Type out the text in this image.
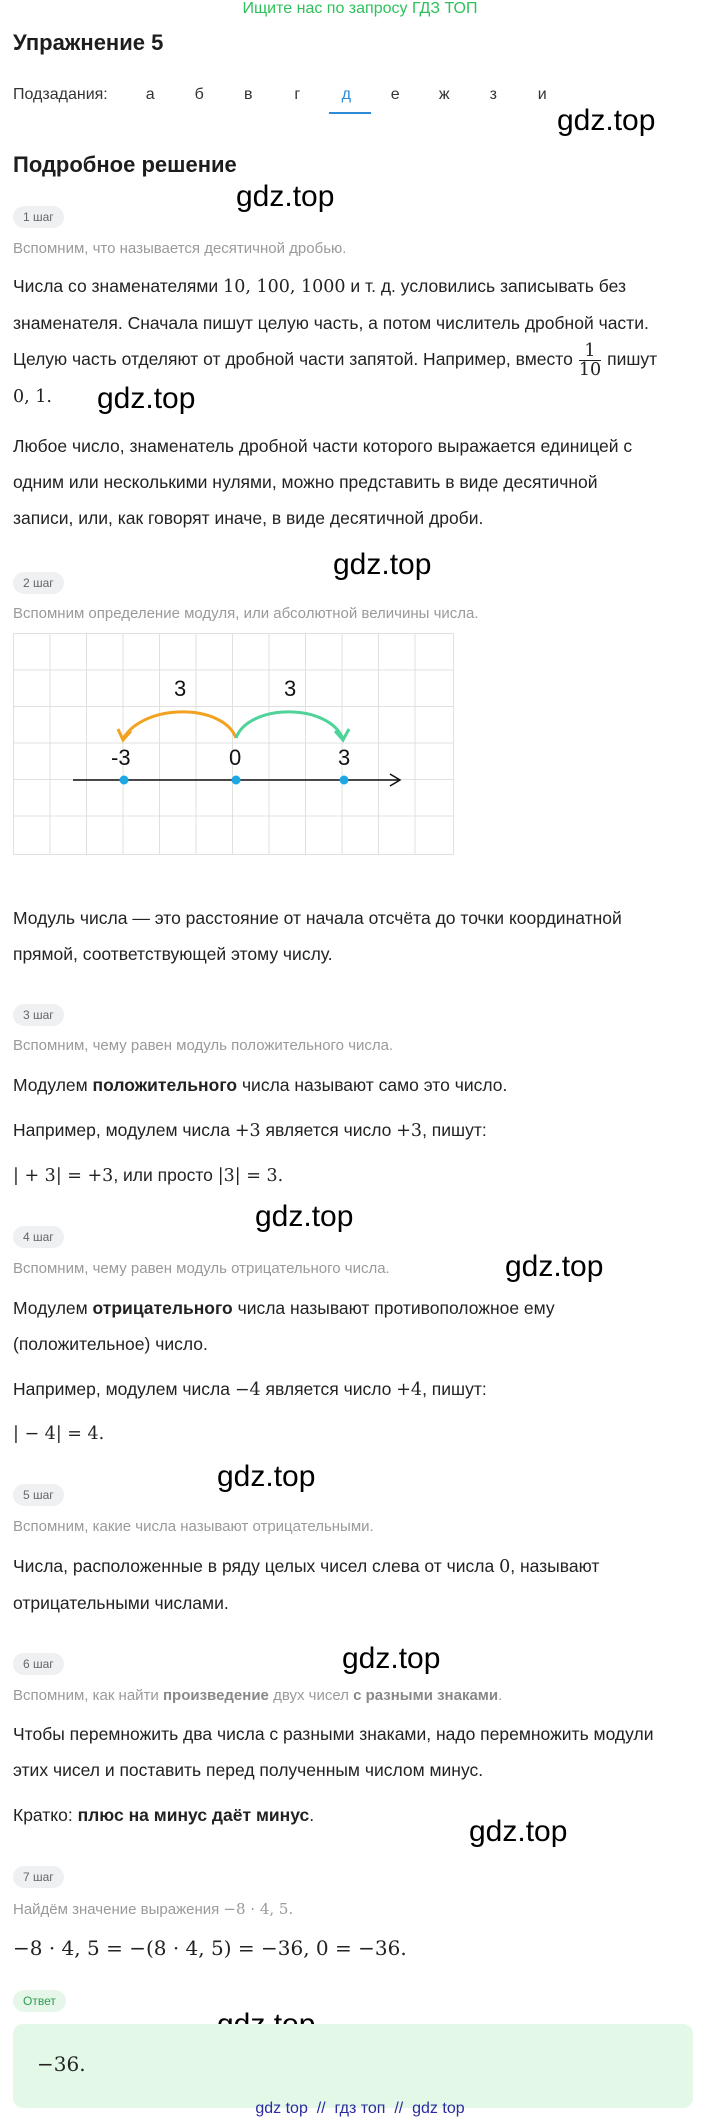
Ищите нас по запросу ГДЗ ТОП
Упражнение 5
Подзадания:	а	б	в	г	д	е	ж	з	и
gdz.top
gdz.top
gdz.top
gdz.top
gdz.top
gdz.top
gdz.top
gdz.top
gdz.top
Подробное решение
1 шаг
Вспомним, что называется десятичной дробью.
Числа со знаменателями 10, 100, 1000 и т. д. условились записывать без
знаменателя. Сначала пишут целую часть, а потом числитель дробной части.
Целую часть отделяют от дробной части запятой. Например, вместо $\frac{1}{10}$ пишут
0, 1.
Любое число, знаменатель дробной части которого выражается единицей с
одним или несколькими нулями, можно представить в виде десятичной
записи, или, как говорят иначе, в виде десятичной дроби.
2 шаг
Вспомним определение модуля, или абсолютной величины числа.
-3	0	3
3	3
Модуль числа — это расстояние от начала отсчёта до точки координатной
прямой, соответствующей этому числу.
3 шаг
Вспомним, чему равен модуль положительного числа.
Модулем положительного числа называют само это число.
Например, модулем числа +3 является число +3, пишут:
| + 3| = +3, или просто |3| = 3.
4 шаг
Вспомним, чему равен модуль отрицательного числа.
Модулем отрицательного числа называют противоположное ему
(положительное) число.
Например, модулем числа −4 является число +4, пишут:
| − 4| = 4.
5 шаг
Вспомним, какие числа называют отрицательными.
Числа, расположенные в ряду целых чисел слева от числа 0, называют
отрицательными числами.
6 шаг
Вспомним, как найти произведение двух чисел с разными знаками.
Чтобы перемножить два числа с разными знаками, надо перемножить модули
этих чисел и поставить перед полученным числом минус.
Кратко: плюс на минус даёт минус.
7 шаг
Найдём значение выражения −8 · 4, 5.
−8 · 4, 5 = −(8 · 4, 5) = −36, 0 = −36.
Ответ
−36.
gdz top  //  гдз топ  //  gdz top
